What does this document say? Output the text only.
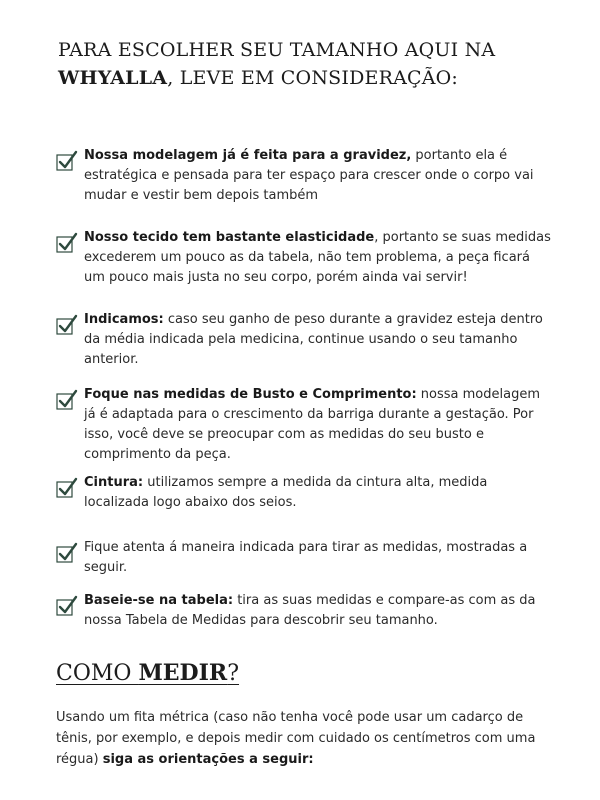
PARA ESCOLHER SEU TAMANHO AQUI NA
WHYALLA, LEVE EM CONSIDERAÇÃO:

Nossa modelagem já é feita para a gravidez, portanto ela é estratégica e pensada para ter espaço para crescer onde o corpo vai mudar e vestir bem depois também

Nosso tecido tem bastante elasticidade, portanto se suas medidas excederem um pouco as da tabela, não tem problema, a peça ficará um pouco mais justa no seu corpo, porém ainda vai servir!

Indicamos: caso seu ganho de peso durante a gravidez esteja dentro da média indicada pela medicina, continue usando o seu tamanho anterior.

Foque nas medidas de Busto e Comprimento: nossa modelagem já é adaptada para o crescimento da barriga durante a gestação. Por isso, você deve se preocupar com as medidas do seu busto e comprimento da peça.

Cintura: utilizamos sempre a medida da cintura alta, medida localizada logo abaixo dos seios.

Fique atenta á maneira indicada para tirar as medidas, mostradas a seguir.

Baseie-se na tabela: tira as suas medidas e compare-as com as da nossa Tabela de Medidas para descobrir seu tamanho.

COMO MEDIR?

Usando um fita métrica (caso não tenha você pode usar um cadarço de tênis, por exemplo, e depois medir com cuidado os centímetros com uma régua) siga as orientações a seguir:
